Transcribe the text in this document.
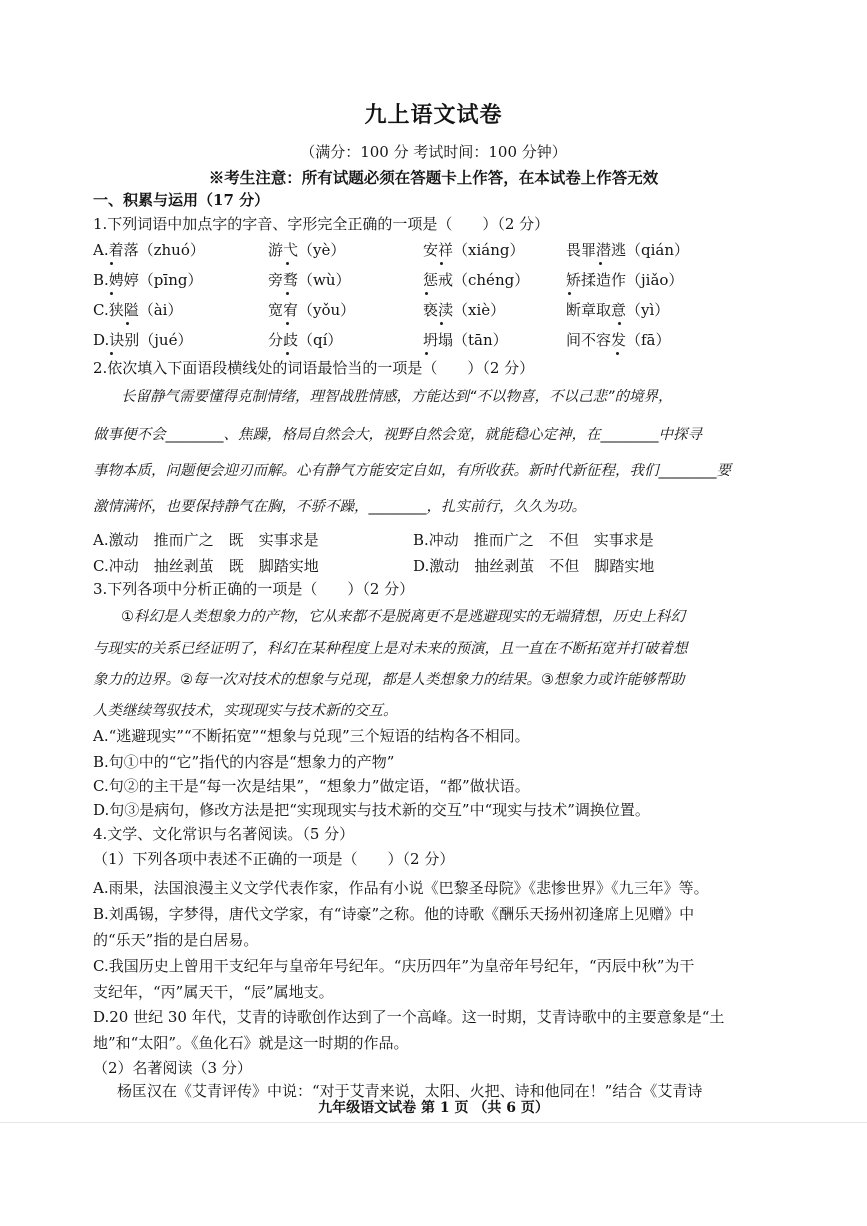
九上语文试卷
（满分：100 分 考试时间：100 分钟）
※考生注意：所有试题必须在答题卡上作答，在本试卷上作答无效
一、积累与运用（17 分）
1.下列词语中加点字的字音、字形完全正确的一项是（　　）（2 分）
A.着落（zhuó）	游弋（yè）	安祥（xiáng）	畏罪潜逃（qián）
B.娉婷（pīng）	旁骛（wù）	惩戒（chéng） 矫揉造作（jiǎo）
C.狭隘（ài）	宽宥（yǒu）	亵渎（xiè）	断章取意（yì）
D.诀别（jué）	分歧（qí）	坍塌（tān）	间不容发（fā）
2.依次填入下面语段横线处的词语最恰当的一项是（　　）（2 分）
长留静气需要懂得克制情绪，理智战胜情感，方能达到“不以物喜，不以己悲”的境界，
做事便不会________、焦躁，格局自然会大，视野自然会宽，就能稳心定神，在________中探寻
事物本质，问题便会迎刃而解。心有静气方能安定自如，有所收获。新时代新征程，我们________要
激情满怀，也要保持静气在胸，不骄不躁，________，扎实前行，久久为功。
A.激动　推而广之　既　实事求是	B.冲动　推而广之　不但　实事求是
C.冲动　抽丝剥茧　既　脚踏实地	D.激动　抽丝剥茧　不但　脚踏实地
3.下列各项中分析正确的一项是（　　）（2 分）
①科幻是人类想象力的产物，它从来都不是脱离更不是逃避现实的无端猜想，历史上科幻
与现实的关系已经证明了，科幻在某种程度上是对未来的预演，且一直在不断拓宽并打破着想
象力的边界。②每一次对技术的想象与兑现，都是人类想象力的结果。③想象力或许能够帮助
人类继续驾驭技术，实现现实与技术新的交互。
A.“逃避现实”“不断拓宽”“想象与兑现”三个短语的结构各不相同。
B.句①中的“它”指代的内容是“想象力的产物”
C.句②的主干是“每一次是结果”，“想象力”做定语，“都”做状语。
D.句③是病句，修改方法是把“实现现实与技术新的交互”中“现实与技术”调换位置。
4.文学、文化常识与名著阅读。（5 分）
（1）下列各项中表述不正确的一项是（　　）（2 分）
A.雨果，法国浪漫主义文学代表作家，作品有小说《巴黎圣母院》《悲惨世界》《九三年》等。
B.刘禹锡，字梦得，唐代文学家，有“诗豪”之称。他的诗歌《酬乐天扬州初逢席上见赠》中
的“乐天”指的是白居易。
C.我国历史上曾用干支纪年与皇帝年号纪年。“庆历四年”为皇帝年号纪年，“丙辰中秋”为干
支纪年，“丙”属天干，“辰”属地支。
D.20 世纪 30 年代，艾青的诗歌创作达到了一个高峰。这一时期，艾青诗歌中的主要意象是“土
地”和“太阳”。《鱼化石》就是这一时期的作品。
（2）名著阅读（3 分）
杨匡汉在《艾青评传》中说：“对于艾青来说，太阳、火把、诗和他同在！”结合《艾青诗
九年级语文试卷 第 1 页 （共 6 页）
